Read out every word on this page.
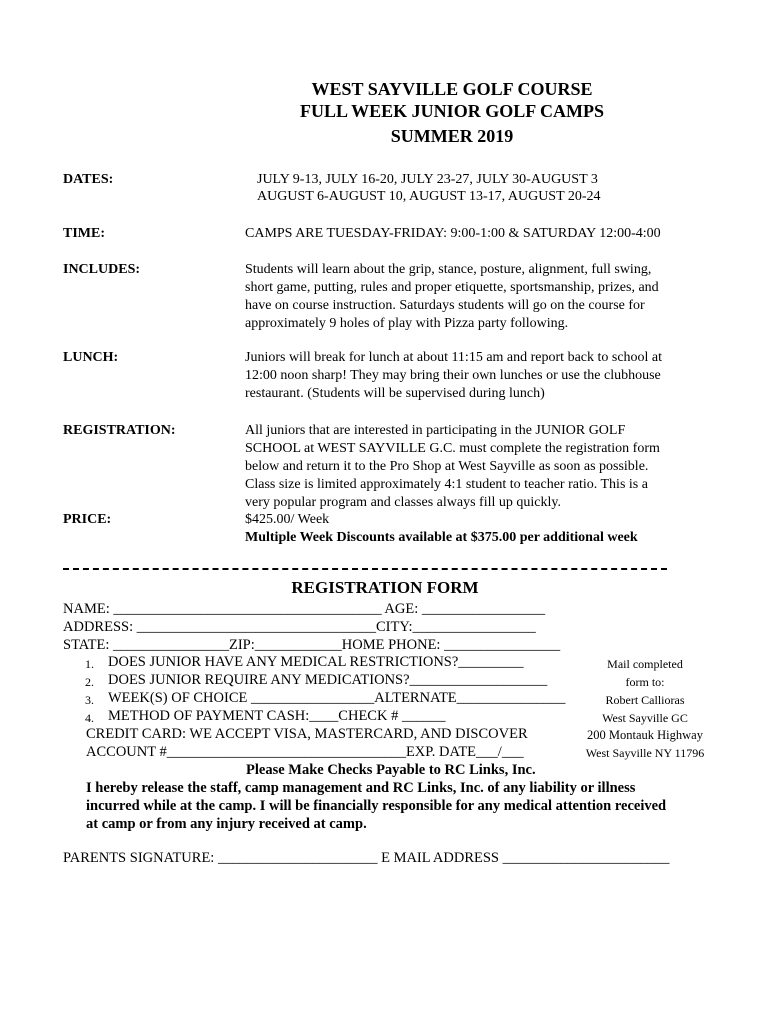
WEST SAYVILLE GOLF COURSE
FULL WEEK JUNIOR GOLF CAMPS
SUMMER 2019
DATES:	JULY 9-13, JULY 16-20, JULY 23-27, JULY 30-AUGUST 3
AUGUST 6-AUGUST 10, AUGUST 13-17, AUGUST 20-24
TIME:	CAMPS ARE TUESDAY-FRIDAY: 9:00-1:00 & SATURDAY 12:00-4:00
INCLUDES:	Students will learn about the grip, stance, posture, alignment, full swing,
short game, putting, rules and proper etiquette, sportsmanship, prizes, and
have on course instruction. Saturdays students will go on the course for
approximately 9 holes of play with Pizza party following.
LUNCH:	Juniors will break for lunch at about 11:15 am and report back to school at
12:00 noon sharp! They may bring their own lunches or use the clubhouse
restaurant. (Students will be supervised during lunch)
REGISTRATION:	All juniors that are interested in participating in the JUNIOR GOLF
SCHOOL at WEST SAYVILLE G.C. must complete the registration form
below and return it to the Pro Shop at West Sayville as soon as possible.
Class size is limited approximately 4:1 student to teacher ratio. This is a
very popular program and classes always fill up quickly.
PRICE:	$425.00/ Week
Multiple Week Discounts available at $375.00 per additional week
REGISTRATION FORM
NAME: _____________________________________ AGE: _________________
ADDRESS: _________________________________CITY:_________________
STATE: ________________ZIP:____________HOME PHONE: ________________
1. DOES JUNIOR HAVE ANY MEDICAL RESTRICTIONS?_________
2. DOES JUNIOR REQUIRE ANY MEDICATIONS?___________________
3. WEEK(S) OF CHOICE _________________ALTERNATE_______________
4. METHOD OF PAYMENT CASH:____CHECK # ______
CREDIT CARD: WE ACCEPT VISA, MASTERCARD, AND DISCOVER
ACCOUNT #_________________________________EXP. DATE___/___
Please Make Checks Payable to RC Links, Inc.
I hereby release the staff, camp management and RC Links, Inc. of any liability or illness
incurred while at the camp. I will be financially responsible for any medical attention received
at camp or from any injury received at camp.
PARENTS SIGNATURE: ______________________ E MAIL ADDRESS _______________________
Mail completed
form to:
Robert Callioras
West Sayville GC
200 Montauk Highway
West Sayville NY 11796
